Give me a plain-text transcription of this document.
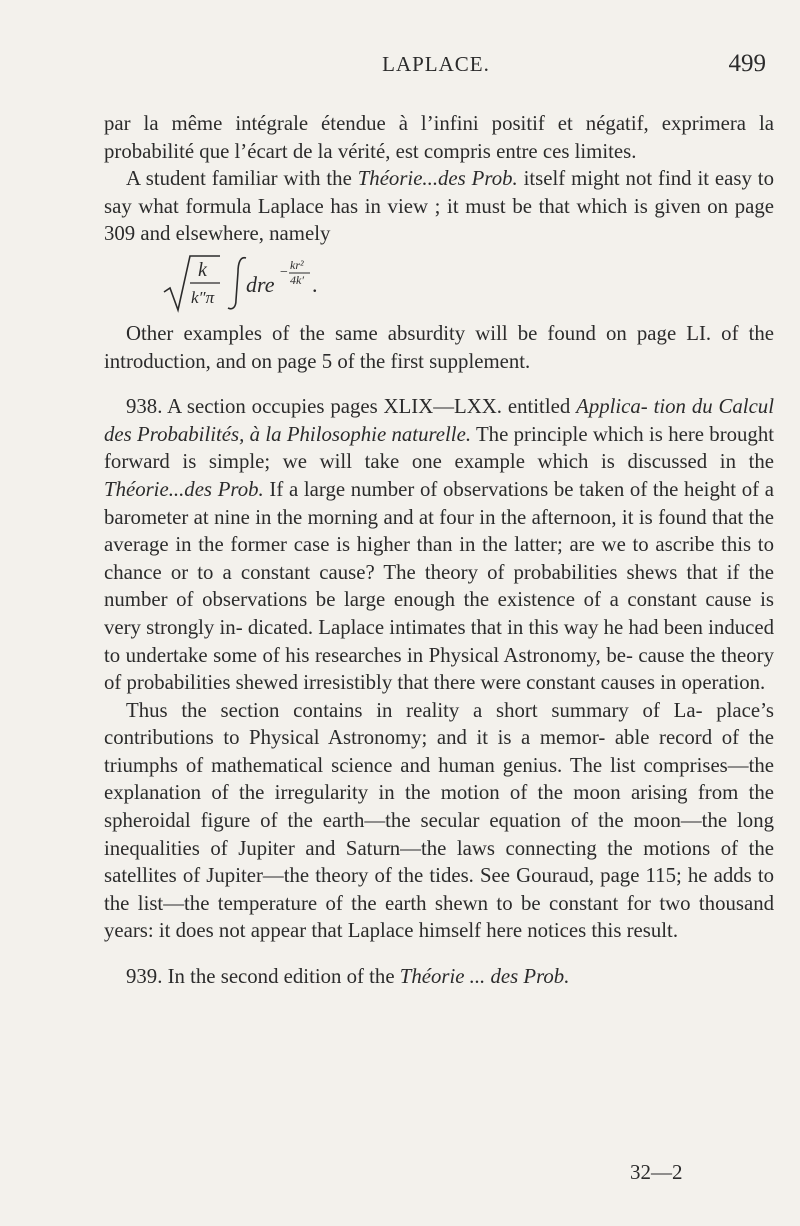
LAPLACE.	499

par la même intégrale étendue à l’infini positif et négatif, exprimera la probabilité que l’écart de la vérité, est compris entre ces limites.

A student familiar with the Théorie...des Prob. itself might not find it easy to say what formula Laplace has in view ; it must be that which is given on page 309 and elsewhere, namely

k
k″π
dre − kr²
4k′ .

Other examples of the same absurdity will be found on page LI. of the introduction, and on page 5 of the first supplement.

938. A section occupies pages XLIX—LXX. entitled Applica- tion du Calcul des Probabilités, à la Philosophie naturelle. The principle which is here brought forward is simple; we will take one example which is discussed in the Théorie...des Prob. If a large number of observations be taken of the height of a barometer at nine in the morning and at four in the afternoon, it is found that the average in the former case is higher than in the latter; are we to ascribe this to chance or to a constant cause? The theory of probabilities shews that if the number of observations be large enough the existence of a constant cause is very strongly in- dicated. Laplace intimates that in this way he had been induced to undertake some of his researches in Physical Astronomy, be- cause the theory of probabilities shewed irresistibly that there were constant causes in operation.

Thus the section contains in reality a short summary of La- place’s contributions to Physical Astronomy; and it is a memor- able record of the triumphs of mathematical science and human genius. The list comprises—the explanation of the irregularity in the motion of the moon arising from the spheroidal figure of the earth—the secular equation of the moon—the long inequalities of Jupiter and Saturn—the laws connecting the motions of the satellites of Jupiter—the theory of the tides. See Gouraud, page 115; he adds to the list—the temperature of the earth shewn to be constant for two thousand years: it does not appear that Laplace himself here notices this result.

939. In the second edition of the Théorie ... des Prob.

32—2
